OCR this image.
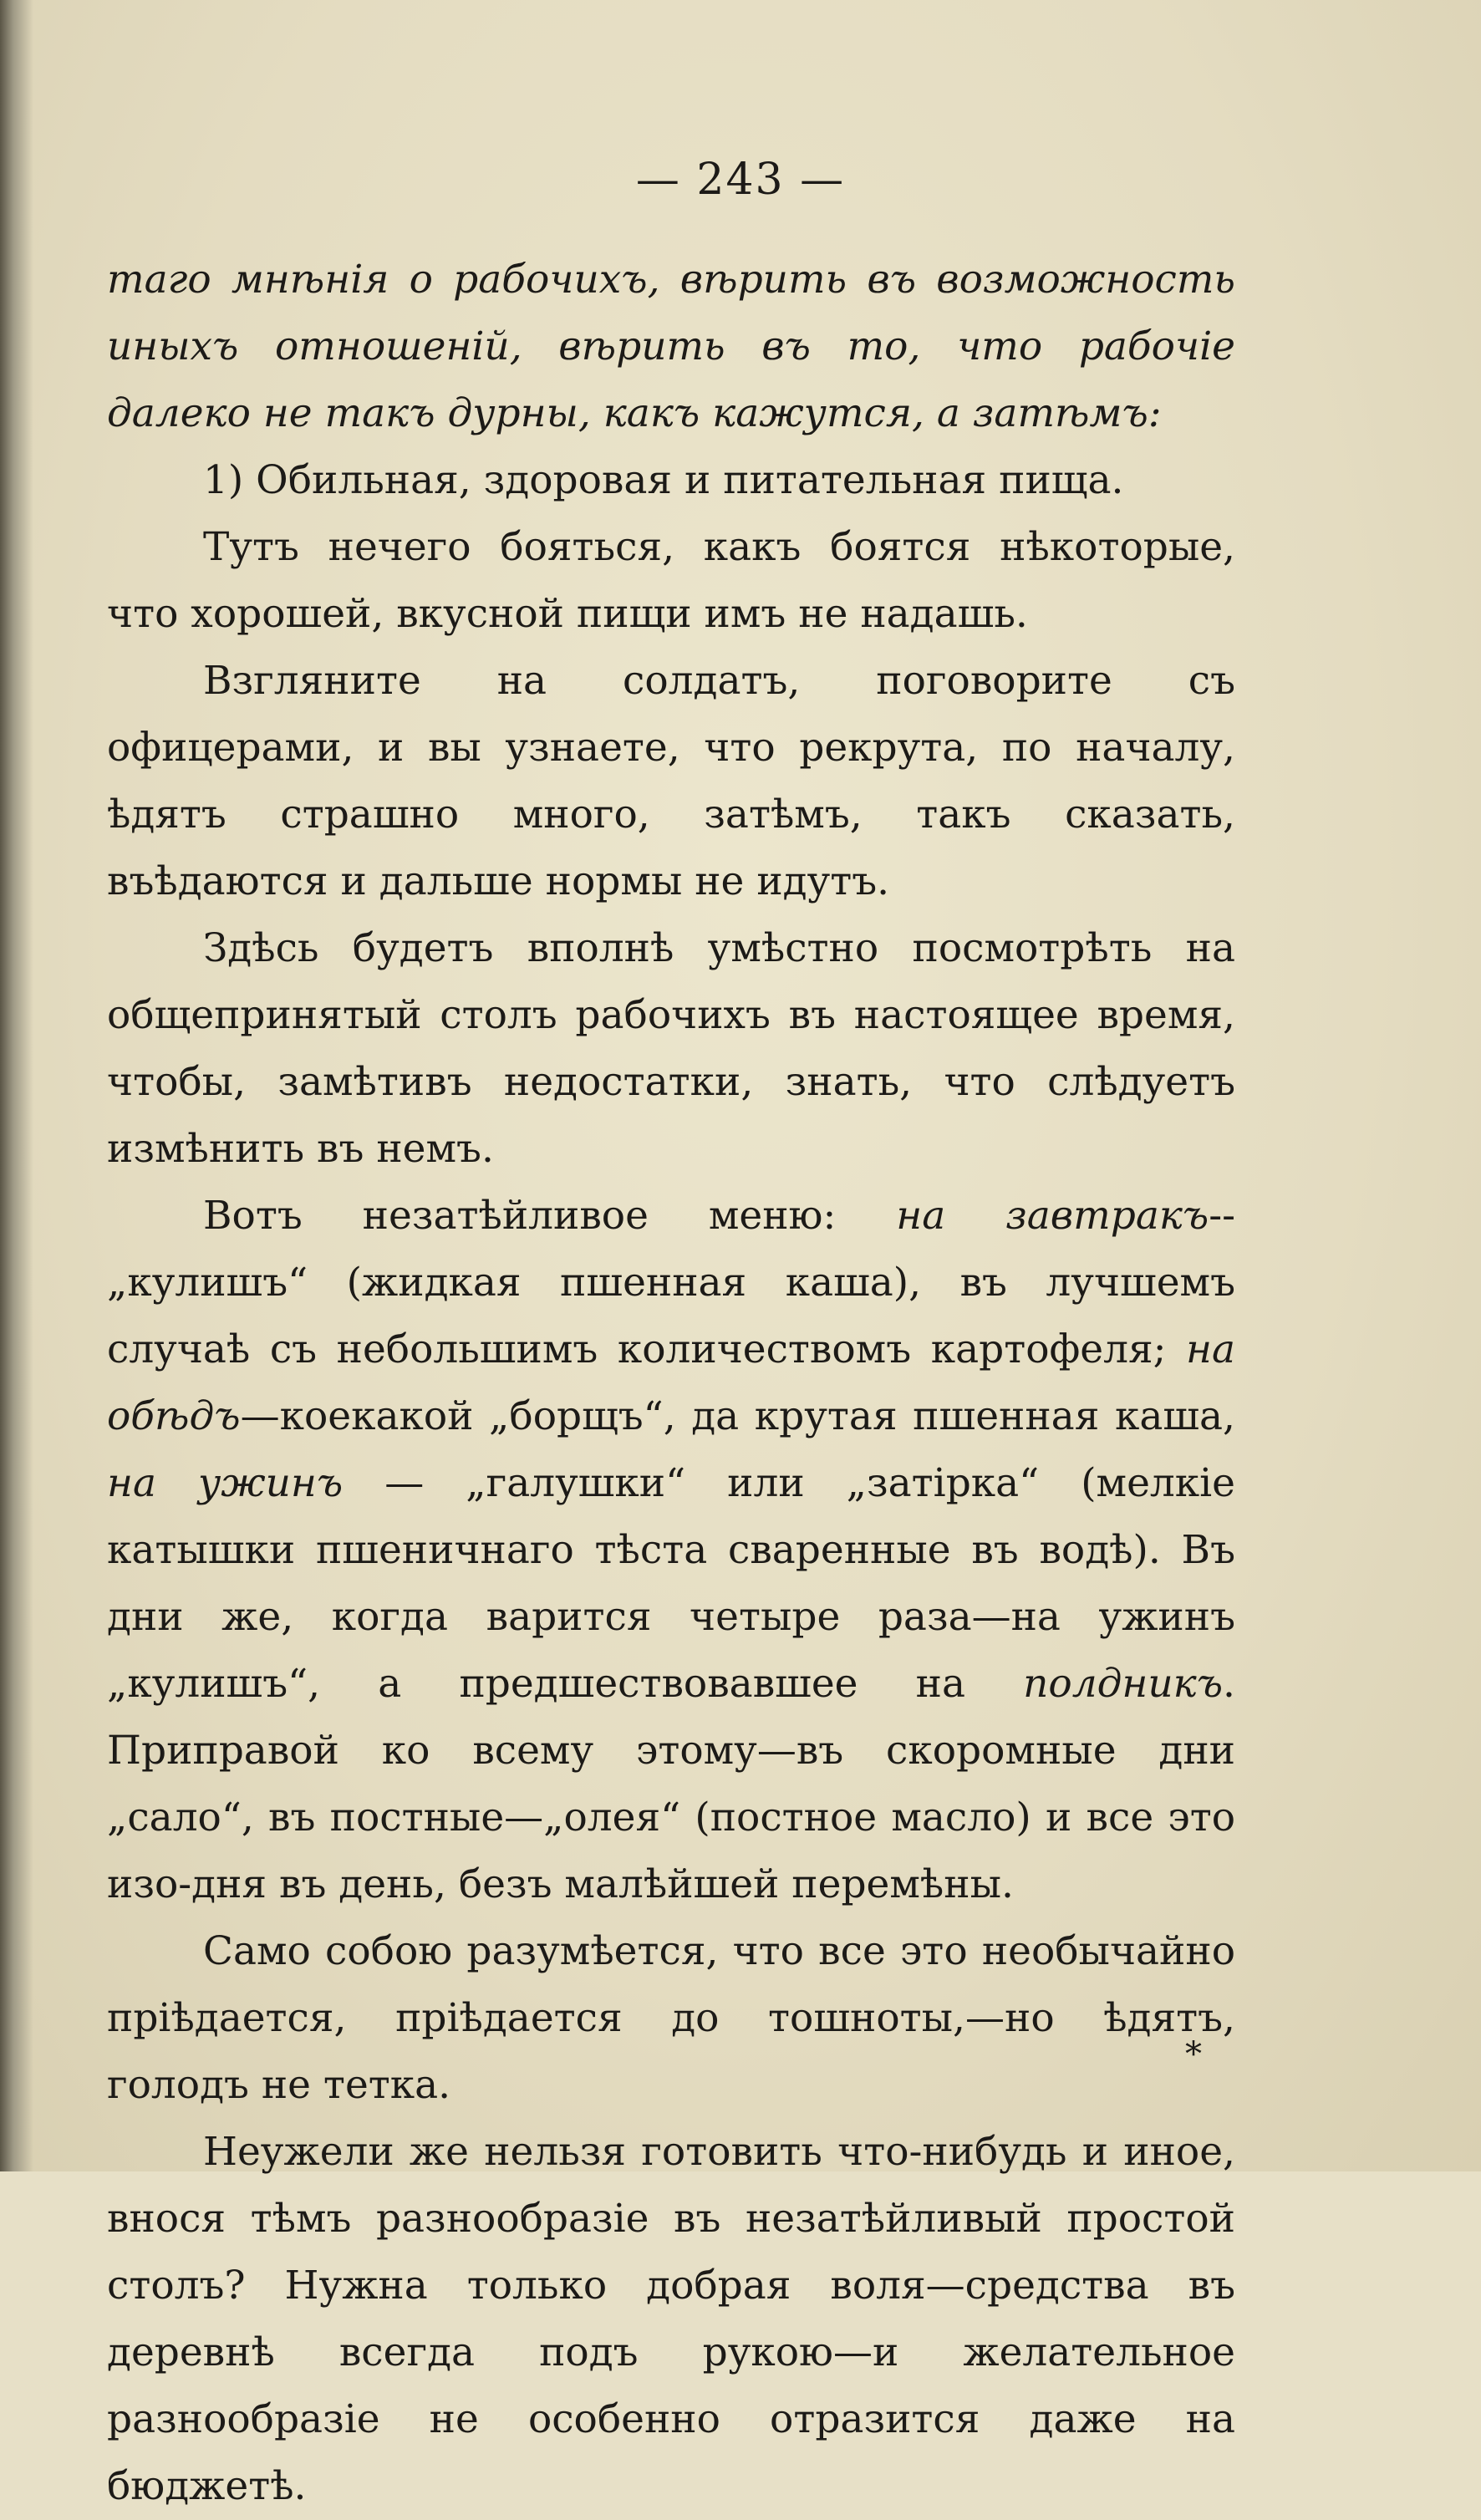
— 243 —

таго мнѣнія о рабочихъ, вѣрить въ возможность иныхъ отношеній, вѣрить въ то, что рабочіе далеко не такъ дурны, какъ кажутся, а затѣмъ:

1) Обильная, здоровая и питательная пища.

Тутъ нечего бояться, какъ боятся нѣкоторые, что хорошей, вкусной пищи имъ не надашь.

Взгляните на солдатъ, поговорите съ офицерами, и вы узнаете, что рекрута, по началу, ѣдятъ страшно много, затѣмъ, такъ сказать, въѣдаются и дальше нормы не идутъ.

Здѣсь будетъ вполнѣ умѣстно посмотрѣть на общепринятый столъ рабочихъ въ настоящее время, чтобы, замѣтивъ недостатки, знать, что слѣдуетъ измѣнить въ немъ.

Вотъ незатѣйливое меню: на завтракъ--„кулишъ“ (жидкая пшенная каша), въ лучшемъ случаѣ съ небольшимъ количествомъ картофеля; на обѣдъ—коекакой „борщъ“, да крутая пшенная каша, на ужинъ — „галушки“ или „затірка“ (мелкіе катышки пшеничнаго тѣста сваренные въ водѣ). Въ дни же, когда варится четыре раза—на ужинъ „кулишъ“, а предшествовавшее на полдникъ. Приправой ко всему этому—въ скоромные дни „сало“, въ постные—„олея“ (постное масло) и все это изо-дня въ день, безъ малѣйшей перемѣны.

Само собою разумѣется, что все это необычайно пріѣдается, пріѣдается до тошноты,—но ѣдятъ, голодъ не тетка.

Неужели же нельзя готовить что-нибудь и иное, внося тѣмъ разнообразіе въ незатѣйливый простой столъ? Нужна только добрая воля—средства въ деревнѣ всегда подъ рукою—и желательное разнообразіе не особенно отразится даже на бюджетѣ.

*
